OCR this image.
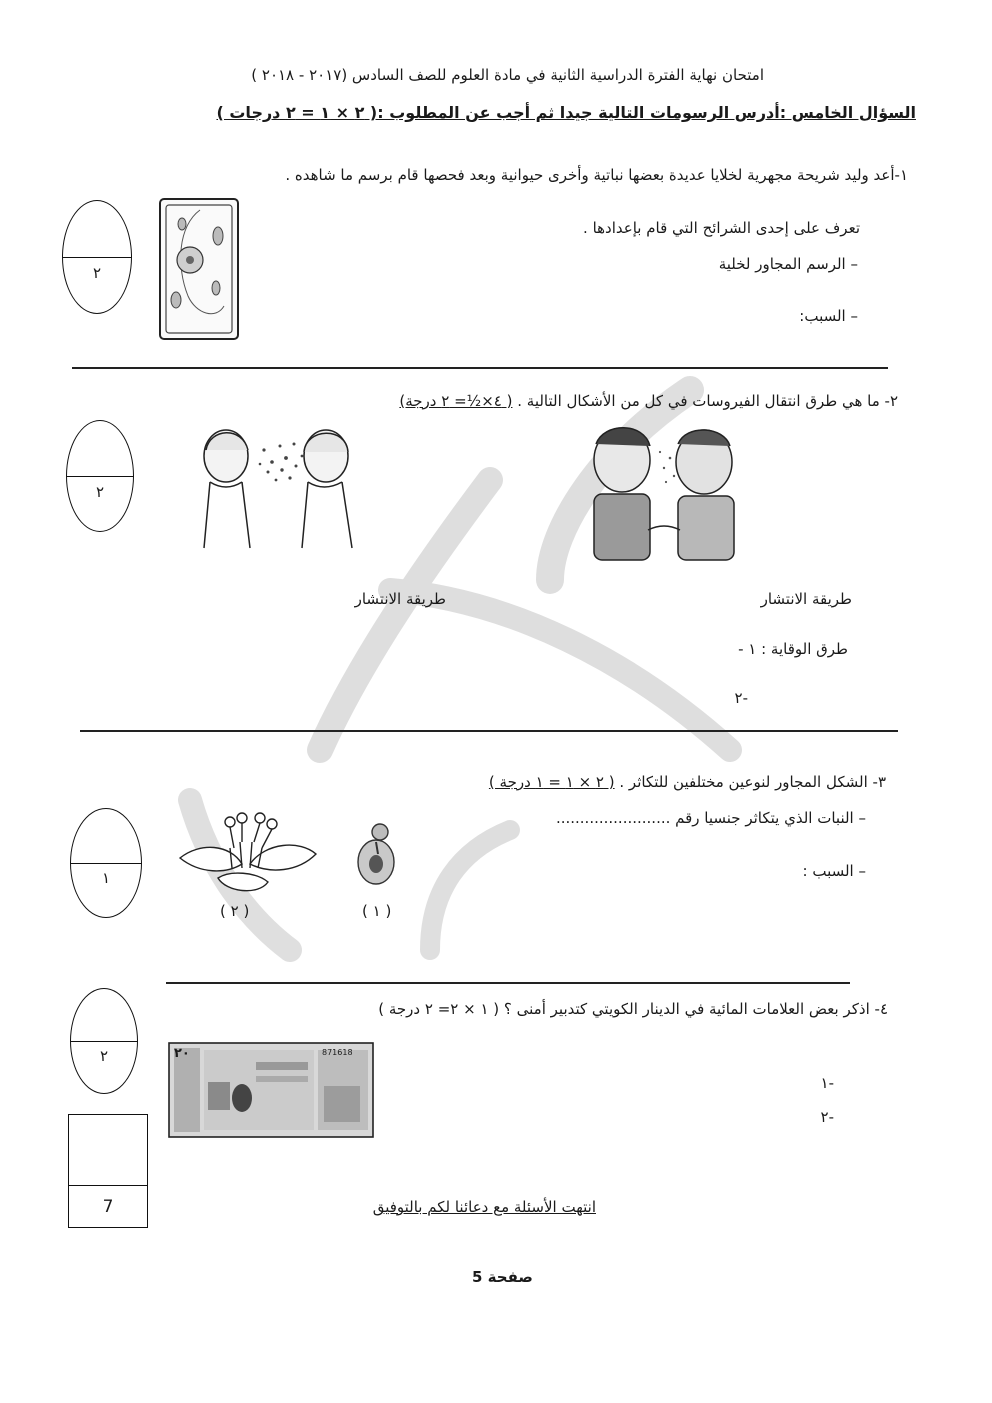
امتحان نهاية الفترة الدراسية الثانية في مادة العلوم للصف السادس (٢٠١٧ - ٢٠١٨ )
السؤال الخامس :أدرس الرسومات التالية جيدا ثم أجب عن المطلوب :( ٢ × ١ = ٢ درجات )
١-أعد وليد شريحة مجهرية لخلايا عديدة بعضها نباتية وأخرى حيوانية وبعد فحصها قام برسم ما شاهده .
تعرف على إحدى الشرائح التي قام بإعدادها .
– الرسم المجاور لخلية
– السبب:
٢
٢- ما هي طرق انتقال الفيروسات في كل من الأشكال التالية . ( ٤×½= ٢ درجة)
٢
طريقة الانتشار
طريقة الانتشار
طرق الوقاية : ١ -
-٢
٣- الشكل المجاور لنوعين مختلفين للتكاثر . ( ٢ × ١ = ١ درجة )
– النبات الذي يتكاثر جنسيا رقم ........................
– السبب :
١
( ٢ )	( ١ )
٤- اذكر بعض العلامات المائية في الدينار الكويتي كتدبير أمنى ؟ ( ١ × ٢= ٢ درجة )
٢	٢٠	871618
-١
-٢
7	انتهت الأسئلة مع دعائنا لكم بالتوفيق
صفحة 5
